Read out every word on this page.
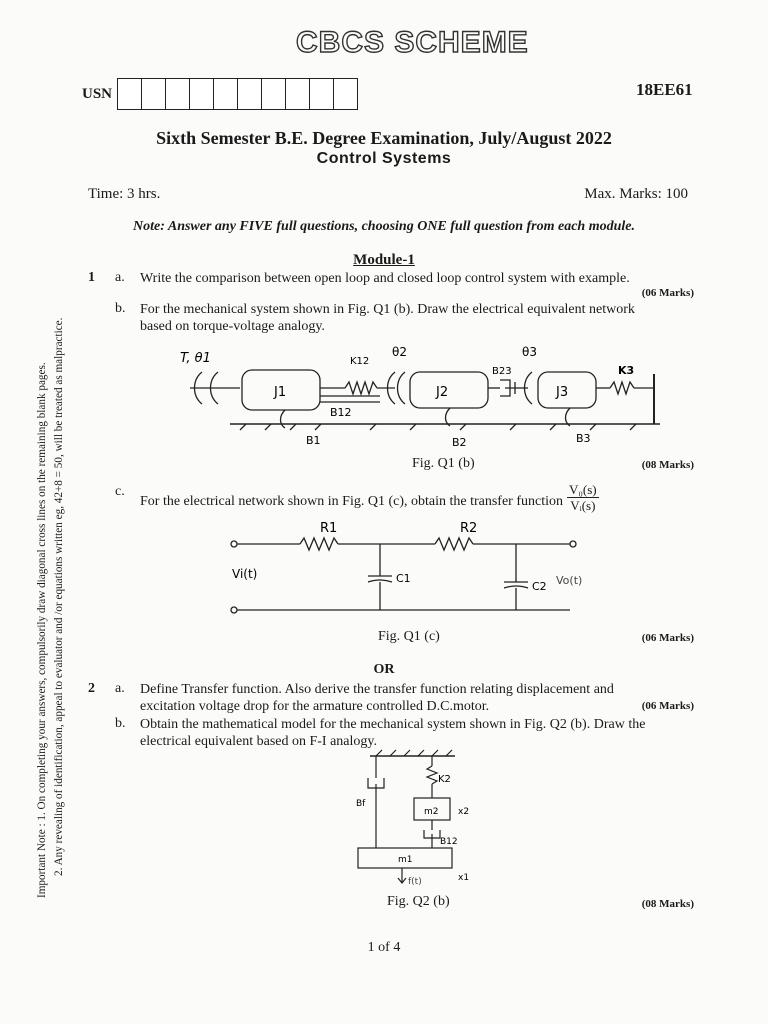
CBCS SCHEME
USN	18EE61
Sixth Semester B.E. Degree Examination, July/August 2022
Control Systems
Time: 3 hrs.	Max. Marks: 100
Note: Answer any FIVE full questions, choosing ONE full question from each module.
Important Note : 1. On completing your answers, compulsorily draw diagonal cross lines on the remaining blank pages. 2. Any revealing of identification, appeal to evaluator and /or equations written eg, 42+8 = 50, will be treated as malpractice.
Module-1
1 a. Write the comparison between open loop and closed loop control system with example.
(06 Marks)
b. For the mechanical system shown in Fig. Q1 (b). Draw the electrical equivalent network
based on torque-voltage analogy.
T, θ1	K12
θ2	θ3
J1	J2	J3
B23	K3
B12
B1	B2	B3
Fig. Q1 (b)	(08 Marks)
c.
For the electrical network shown in Fig. Q1 (c), obtain the transfer function $\frac{\text{V₀(s)}}{\text{Vᵢ(s)}}$
R1	R2
C1
C2
Vi(t)	Vo(t)
Fig. Q1 (c)	(06 Marks)
OR
2 a. Define Transfer function. Also derive the transfer function relating displacement and
excitation voltage drop for the armature controlled D.C.motor.	(06 Marks)
b. Obtain the mathematical model for the mechanical system shown in Fig. Q2 (b). Draw the
electrical equivalent based on F-I analogy.
K2
Bf
m2 x2
B12
m1
f(t)	x1
Fig. Q2 (b)	(08 Marks)
1 of 4
